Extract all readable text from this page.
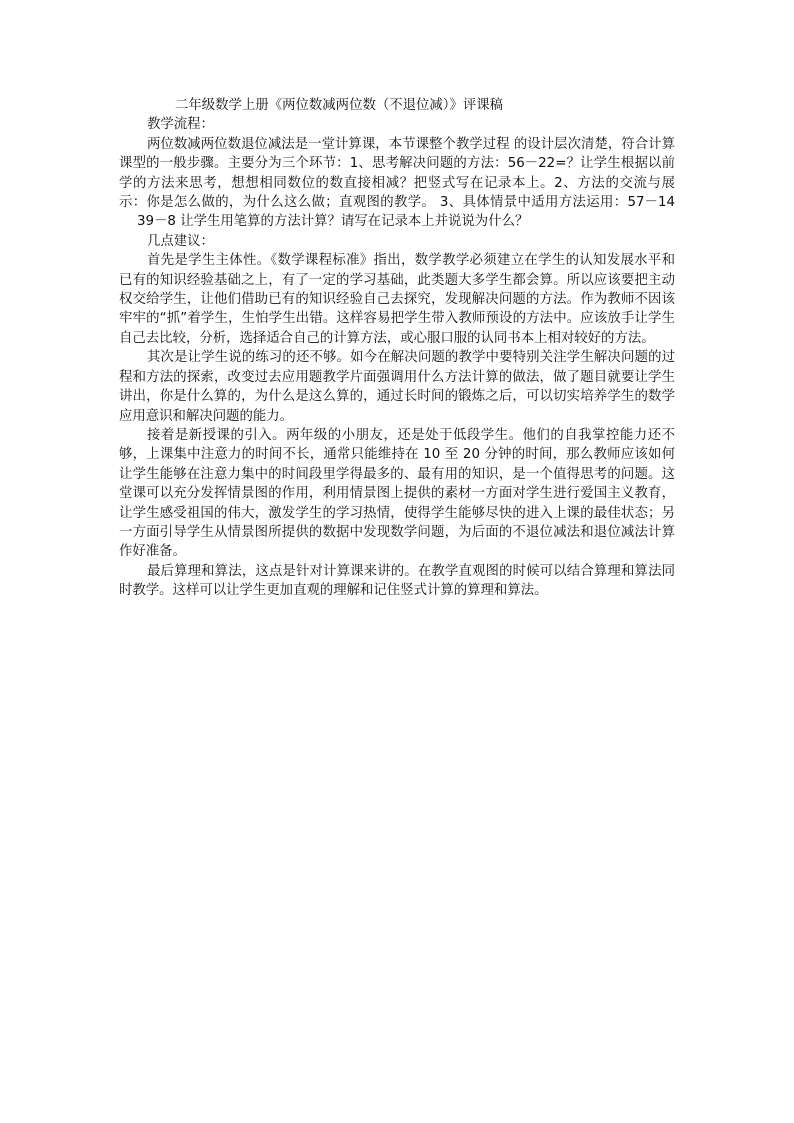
二年级数学上册《两位数减两位数（不退位减）》评课稿
教学流程：

两位数减两位数退位减法是一堂计算课，本节课整个教学过程 的设计层次清楚，符合计算课型的一般步骤。主要分为三个环节：1、思考解决问题的方法：56－22=？让学生根据以前学的方法来思考，想想相同数位的数直接相减？把竖式写在记录本上。2、方法的交流与展示：你是怎么做的，为什么这么做；直观图的教学。 3、具体情景中适用方法运用：57－1439－8 让学生用笔算的方法计算？请写在记录本上并说说为什么？

几点建议：

首先是学生主体性。《数学课程标准》指出，数学教学必须建立在学生的认知发展水平和已有的知识经验基础之上，有了一定的学习基础，此类题大多学生都会算。所以应该要把主动权交给学生，让他们借助已有的知识经验自己去探究，发现解决问题的方法。作为教师不因该牢牢的“抓”着学生，生怕学生出错。这样容易把学生带入教师预设的方法中。应该放手让学生自己去比较，分析，选择适合自己的计算方法，或心服口服的认同书本上相对较好的方法。

其次是让学生说的练习的还不够。如今在解决问题的教学中要特别关注学生解决问题的过程和方法的探索，改变过去应用题教学片面强调用什么方法计算的做法，做了题目就要让学生讲出，你是什么算的，为什么是这么算的，通过长时间的锻炼之后，可以切实培养学生的数学应用意识和解决问题的能力。

接着是新授课的引入。两年级的小朋友，还是处于低段学生。他们的自我掌控能力还不够，上课集中注意力的时间不长，通常只能维持在 10 至 20 分钟的时间，那么教师应该如何让学生能够在注意力集中的时间段里学得最多的、最有用的知识，是一个值得思考的问题。这堂课可以充分发挥情景图的作用，利用情景图上提供的素材一方面对学生进行爱国主义教育，让学生感受祖国的伟大，激发学生的学习热情，使得学生能够尽快的进入上课的最佳状态；另一方面引导学生从情景图所提供的数据中发现数学问题，为后面的不退位减法和退位减法计算作好准备。

最后算理和算法，这点是针对计算课来讲的。在教学直观图的时候可以结合算理和算法同时教学。这样可以让学生更加直观的理解和记住竖式计算的算理和算法。
